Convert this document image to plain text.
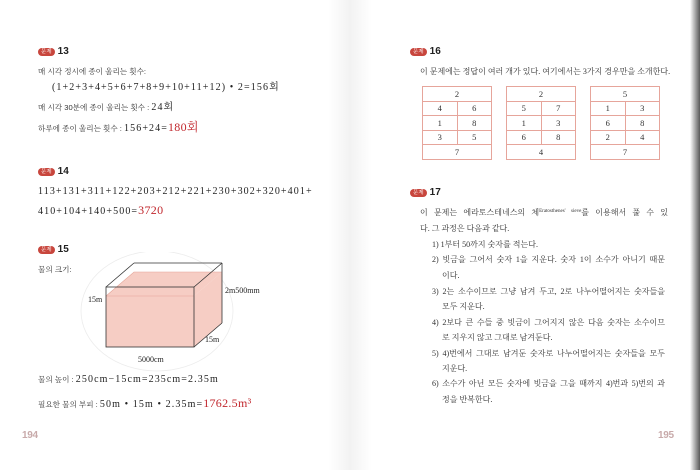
문제 13
매 시각 정시에 종이 울리는 횟수:
(1+2+3+4+5+6+7+8+9+10+11+12) • 2=156회
매 시각 30분에 종이 울리는 횟수 : 24회
하루에 종이 울리는 횟수 : 156+24=180회
문제 14
113+131+311+122+203+212+221+230+302+320+401+
410+104+140+500=3720
문제 15
물의 크기:
15m
2m500mm
15m
5000cm
물의 높이 : 250cm−15cm=235cm=2.35m
필요한 물의 부피 : 50m • 15m • 2.35m=1762.5m³
194
문제 16
이 문제에는 정답이 여러 개가 있다. 여기에서는 3가지 경우만을 소개한다.
2	
4	6
1	8
3	5
7	
2	
5	7
1	3
6	8
4	
5	
1	3
6	8
2	4
7	
문제 17
이 문제는 에라토스테네스의 체$^{Eratosthenes' sieve}$를 이용해서 풀 수 있
다. 그 과정은 다음과 같다.
1) 1부터 50까지 숫자를 적는다.
2) 빗금을 그어서 숫자 1을 지운다. 숫자 1이 소수가 아니기 때문
이다.
3) 2는 소수이므로 그냥 남겨 두고, 2로 나누어떨어지는 숫자들을
모두 지운다.
4) 2보다 큰 수들 중 빗금이 그어지지 않은 다음 숫자는 소수이므
로 지우지 않고 그대로 남겨둔다.
5) 4)번에서 그대로 남겨둔 숫자로 나누어떨어지는 숫자들을 모두
지운다.
6) 소수가 아닌 모든 숫자에 빗금을 그을 때까지 4)번과 5)번의 과
정을 반복한다.
195
